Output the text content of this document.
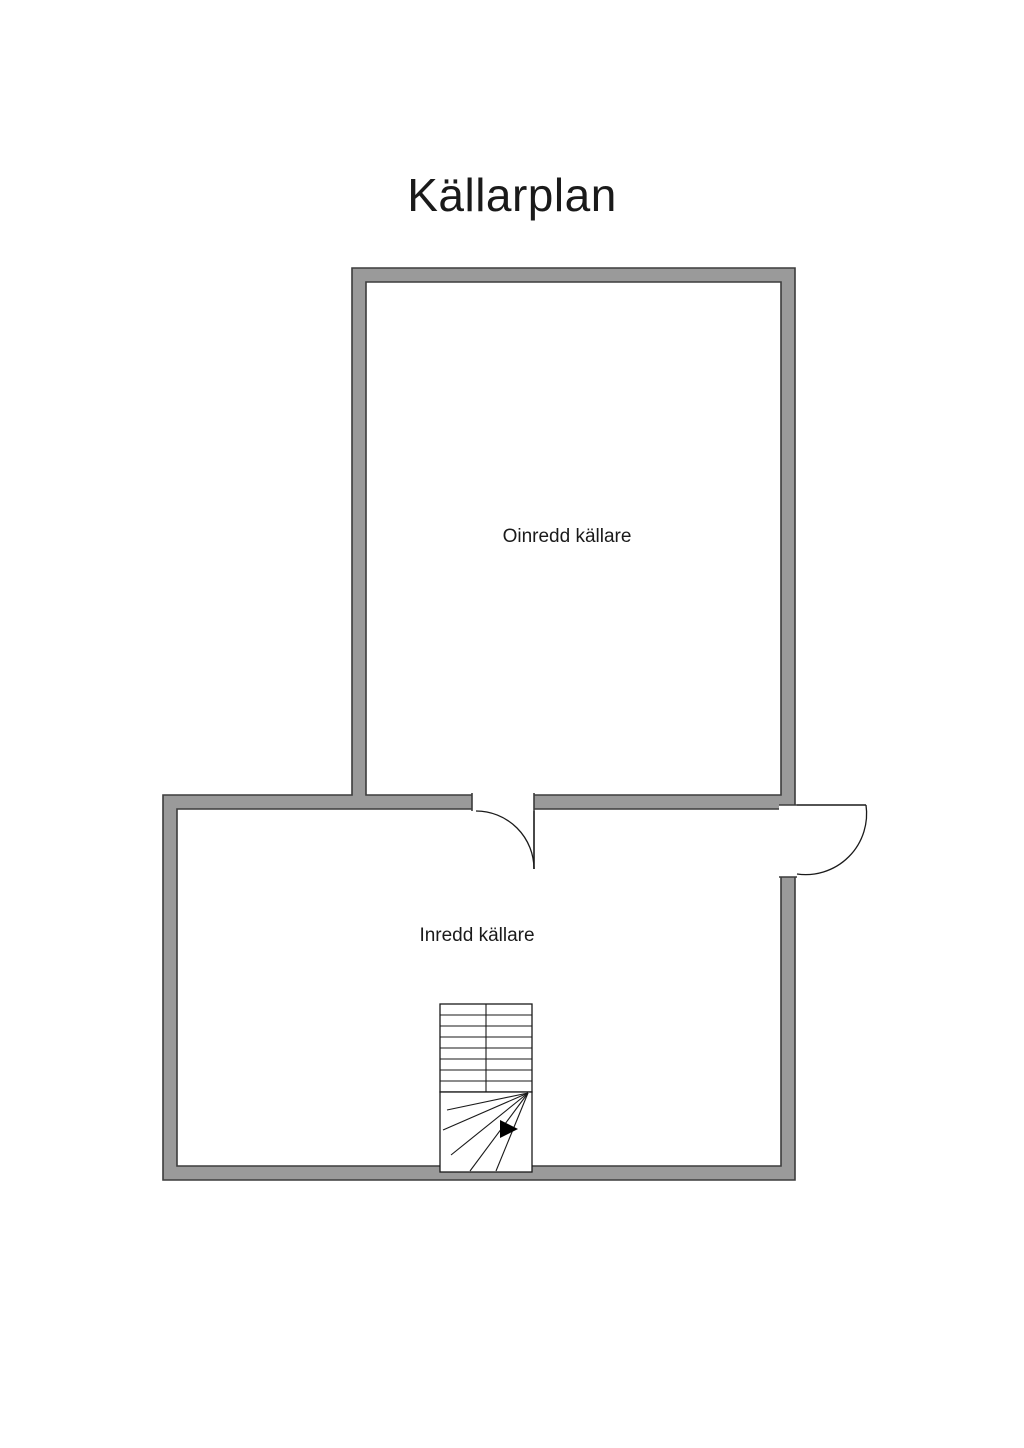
Källarplan
Oinredd källare
Inredd källare
